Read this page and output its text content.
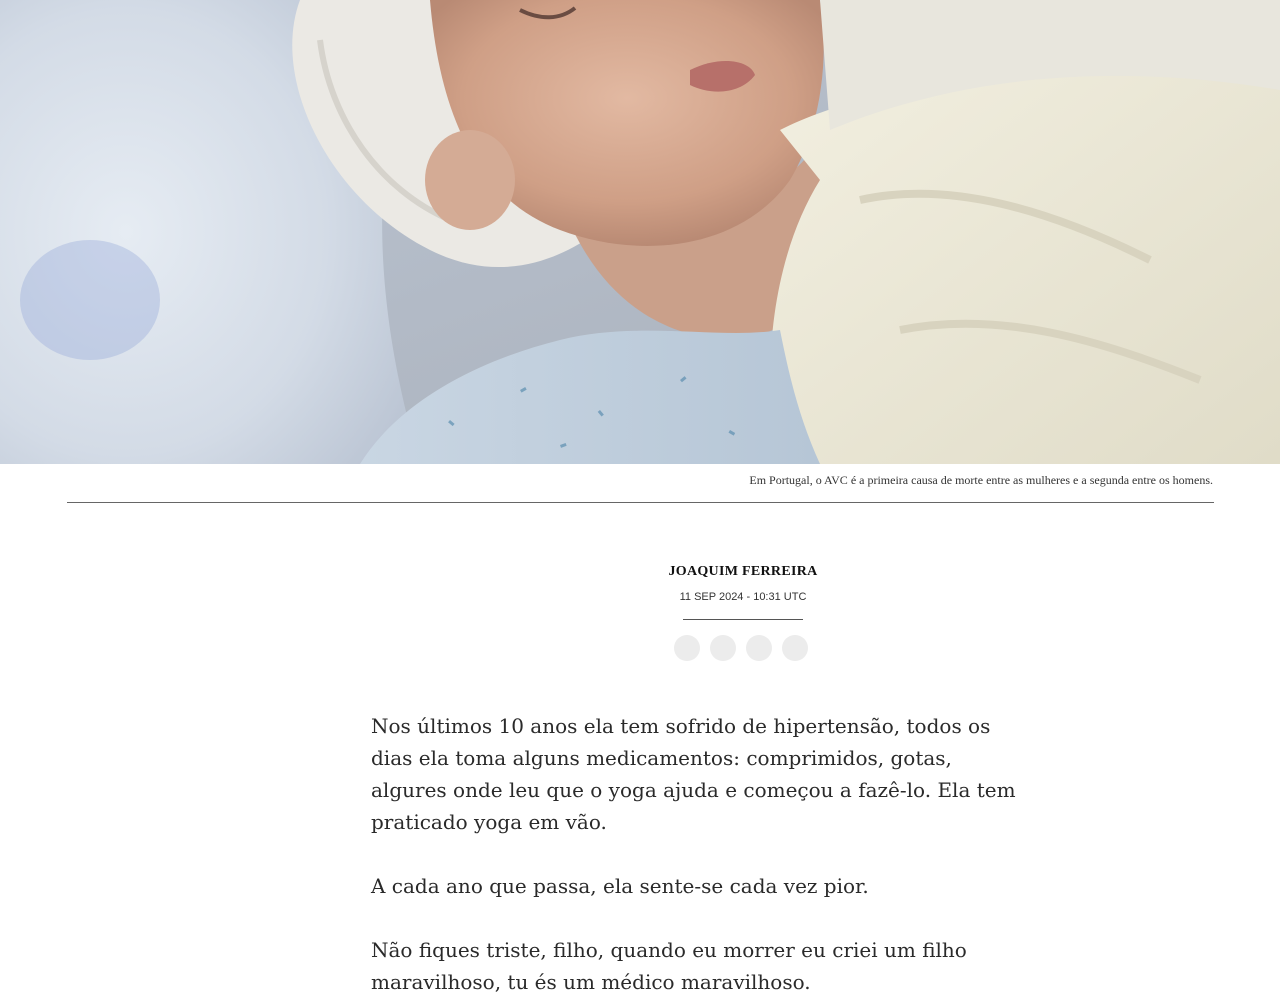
Em Portugal, o AVC é a primeira causa de morte entre as mulheres e a segunda entre os homens.
JOAQUIM FERREIRA
11 SEP 2024 - 10:31 UTC

Nos últimos 10 anos ela tem sofrido de hipertensão, todos os dias ela toma alguns medicamentos: comprimidos, gotas, algures onde leu que o yoga ajuda e começou a fazê-lo. Ela tem praticado yoga em vão.

A cada ano que passa, ela sente-se cada vez pior.

Não fiques triste, filho, quando eu morrer eu criei um filho maravilhoso, tu és um médico maravilhoso.
